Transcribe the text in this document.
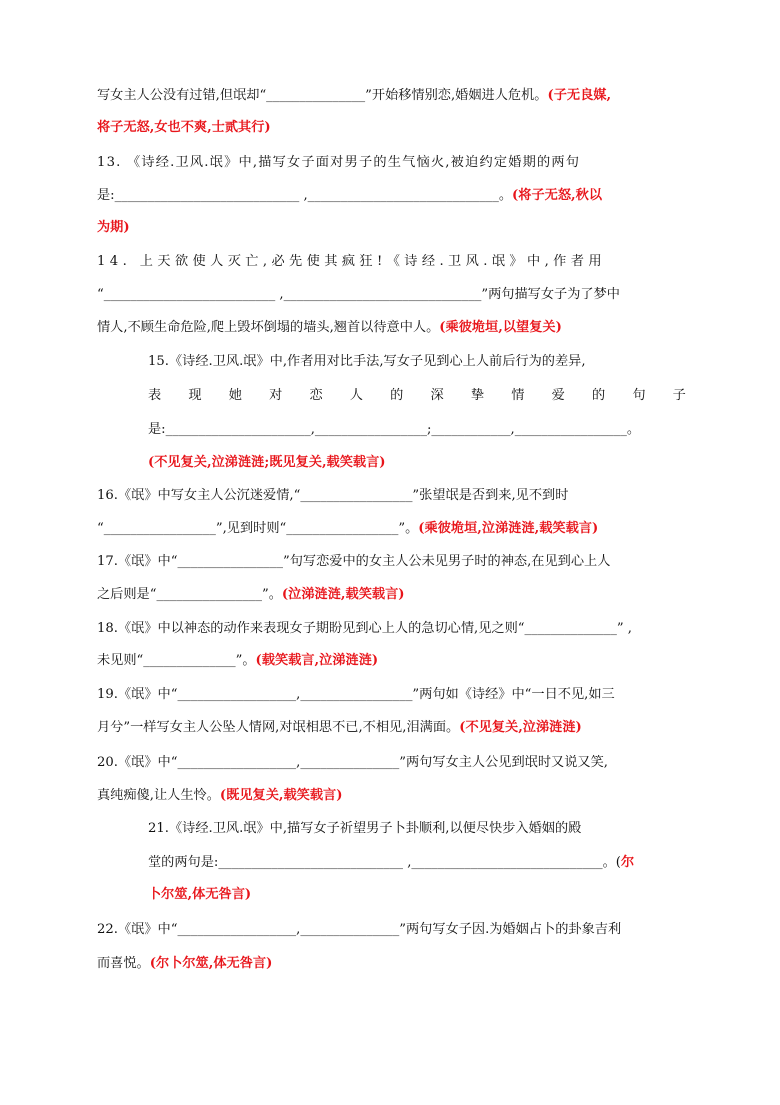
写女主人公没有过错,但氓却“_______________”开始移情别恋,婚姻进人危机。(子无良媒,
将子无怒,女也不爽,士贰其行)
13. 《诗经.卫风.氓》中,描写女子面对男子的生气恼火,被迫约定婚期的两句
是:____________________________ ,_____________________________。(将子无怒,秋以
为期)
14. 上天欲使人灭亡,必先使其疯狂!《诗经.卫风.氓》中,作者用
“__________________________ ,______________________________”两句描写女子为了梦中
情人,不顾生命危险,爬上毁坏倒塌的墙头,翘首以待意中人。(乘彼垝垣,以望复关)
15.《诗经.卫风.氓》中,作者用对比手法,写女子见到心上人前后行为的差异,
表 现 她 对 恋 人 的 深 挚 情 爱 的 句 子
是:______________________,_________________;____________,_________________。
(不见复关,泣涕涟涟;既见复关,载笑载言)
16.《氓》中写女主人公沉迷爱情,“_________________”张望氓是否到来,见不到时
“_________________”,见到时则“_________________”。(乘彼垝垣,泣涕涟涟,载笑载言)
17.《氓》中“________________”句写恋爱中的女主人公未见男子时的神态,在见到心上人
之后则是“________________”。(泣涕涟涟,载笑载言)
18.《氓》中以神态的动作来表现女子期盼见到心上人的急切心情,见之则“______________” ,
未见则“______________”。(载笑载言,泣涕涟涟)
19.《氓》中“__________________,_________________”两句如《诗经》中“一日不见,如三
月兮”一样写女主人公坠人情网,对氓相思不已,不相见,泪满面。(不见复关,泣涕涟涟)
20.《氓》中“__________________,_______________”两句写女主人公见到氓时又说又笑,
真纯痴傻,让人生怜。(既见复关,载笑载言)
21.《诗经.卫风.氓》中,描写女子祈望男子卜卦顺利,以便尽快步入婚姻的殿
堂的两句是:____________________________ ,_____________________________。(尔
卜尔筮,体无咎言)
22.《氓》中“__________________,_______________”两句写女子因.为婚姻占卜的卦象吉利
而喜悦。(尔卜尔筮,体无咎言)
